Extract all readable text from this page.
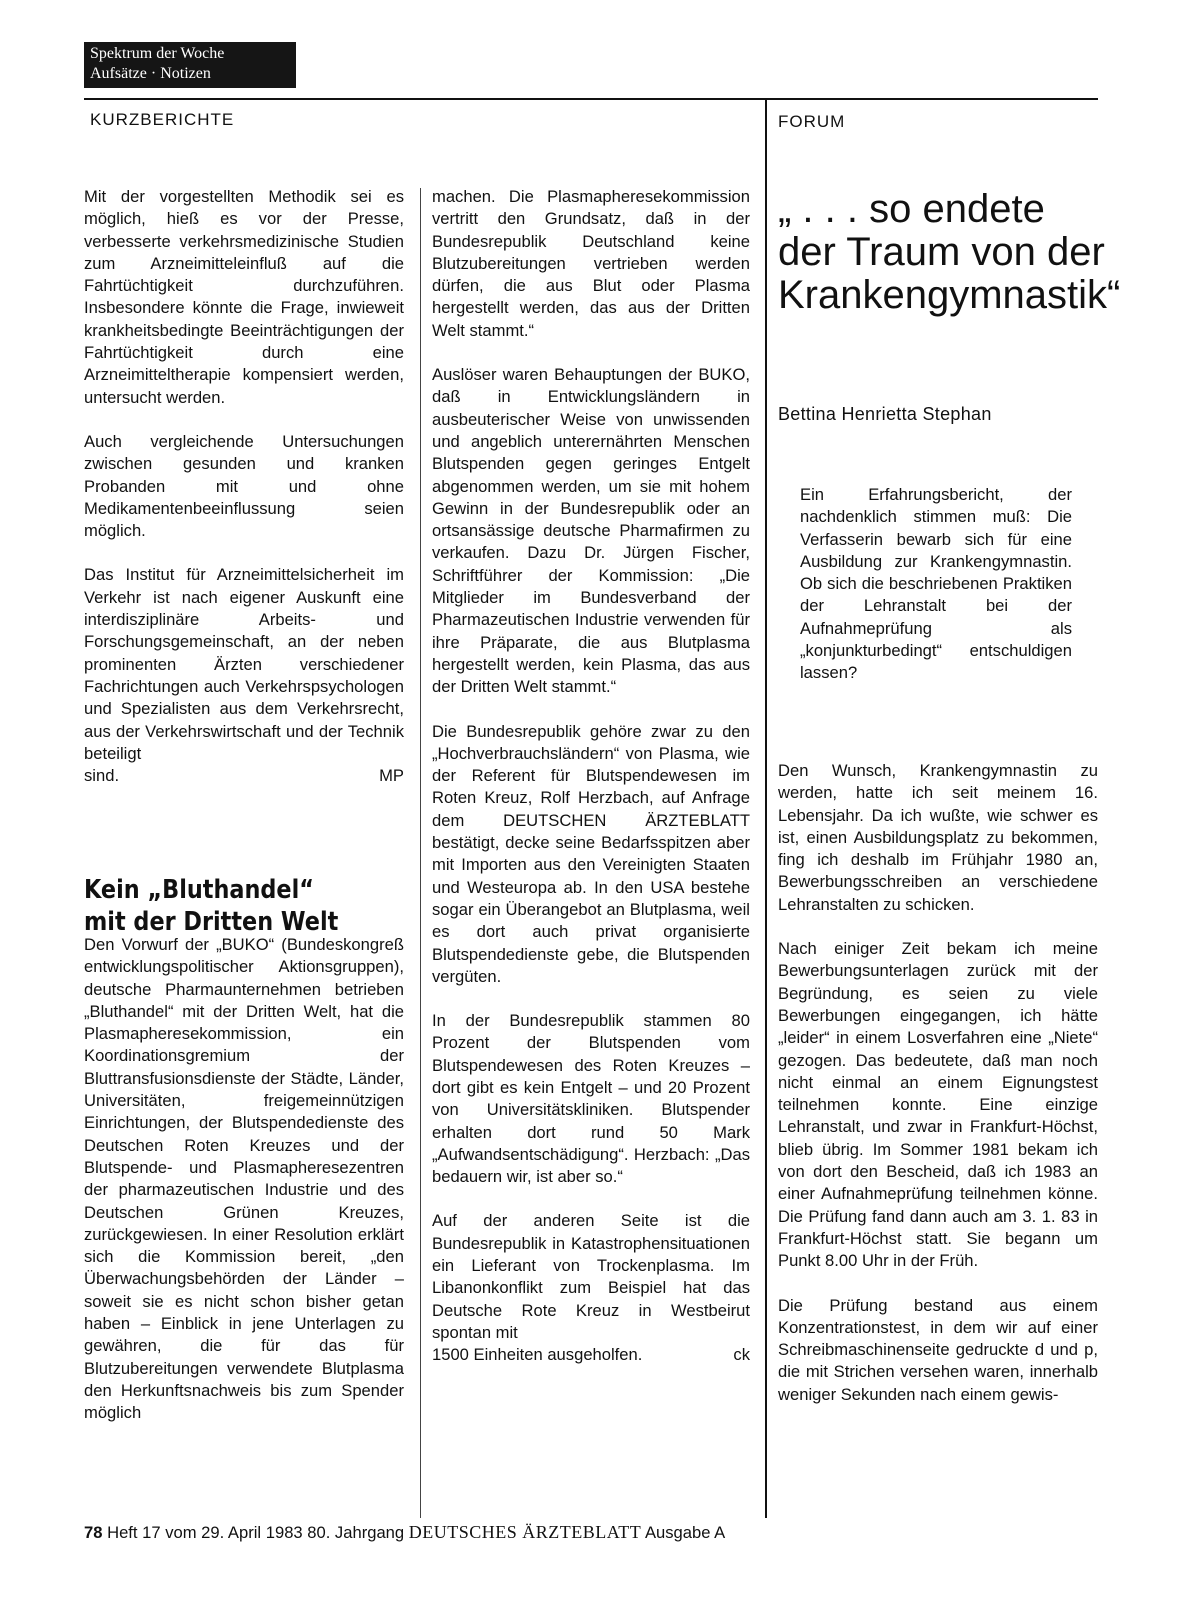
Spektrum der Woche
Aufsätze · Notizen
KURZBERICHTE	FORUM

Mit der vorgestellten Methodik sei es möglich, hieß es vor der Presse, verbesserte verkehrsmedizinische Studien zum Arzneimitteleinfluß auf die Fahrtüchtigkeit durchzuführen. Insbesondere könnte die Frage, inwieweit krankheitsbedingte Beeinträchtigungen der Fahrtüchtigkeit durch eine Arzneimitteltherapie kompensiert werden, untersucht werden.

Auch vergleichende Untersuchungen zwischen gesunden und kranken Probanden mit und ohne Medikamentenbeeinflussung seien möglich.

Das Institut für Arzneimittelsicherheit im Verkehr ist nach eigener Auskunft eine interdisziplinäre Arbeits- und Forschungsgemeinschaft, an der neben prominenten Ärzten verschiedener Fachrichtungen auch Verkehrspsychologen und Spezialisten aus dem Verkehrsrecht, aus der Verkehrswirtschaft und der Technik beteiligt

sind.	MP
Kein „Bluthandel“
mit der Dritten Welt

Den Vorwurf der „BUKO“ (Bundeskongreß entwicklungspolitischer Aktionsgruppen), deutsche Pharmaunternehmen betrieben „Bluthandel“ mit der Dritten Welt, hat die Plasmapheresekommission, ein Koordinationsgremium der Bluttransfusionsdienste der Städte, Länder, Universitäten, freigemeinnützigen Einrichtungen, der Blutspendedienste des Deutschen Roten Kreuzes und der Blutspende- und Plasmapheresezentren der pharmazeutischen Industrie und des Deutschen Grünen Kreuzes, zurückgewiesen. In einer Resolution erklärt sich die Kommission bereit, „den Überwachungsbehörden der Länder – soweit sie es nicht schon bisher getan haben – Einblick in jene Unterlagen zu gewähren, die für das für Blutzubereitungen verwendete Blutplasma den Herkunftsnachweis bis zum Spender möglich

machen. Die Plasmapheresekommission vertritt den Grundsatz, daß in der Bundesrepublik Deutschland keine Blutzubereitungen vertrieben werden dürfen, die aus Blut oder Plasma hergestellt werden, das aus der Dritten Welt stammt.“

Auslöser waren Behauptungen der BUKO, daß in Entwicklungsländern in ausbeuterischer Weise von unwissenden und angeblich unterernährten Menschen Blutspenden gegen geringes Entgelt abgenommen werden, um sie mit hohem Gewinn in der Bundesrepublik oder an ortsansässige deutsche Pharmafirmen zu verkaufen. Dazu Dr. Jürgen Fischer, Schriftführer der Kommission: „Die Mitglieder im Bundesverband der Pharmazeutischen Industrie verwenden für ihre Präparate, die aus Blutplasma hergestellt werden, kein Plasma, das aus der Dritten Welt stammt.“

Die Bundesrepublik gehöre zwar zu den „Hochverbrauchsländern“ von Plasma, wie der Referent für Blutspendewesen im Roten Kreuz, Rolf Herzbach, auf Anfrage dem DEUTSCHEN ÄRZTEBLATT bestätigt, decke seine Bedarfsspitzen aber mit Importen aus den Vereinigten Staaten und Westeuropa ab. In den USA bestehe sogar ein Überangebot an Blutplasma, weil es dort auch privat organisierte Blutspendedienste gebe, die Blutspenden vergüten.

In der Bundesrepublik stammen 80 Prozent der Blutspenden vom Blutspendewesen des Roten Kreuzes – dort gibt es kein Entgelt – und 20 Prozent von Universitätskliniken. Blutspender erhalten dort rund 50 Mark „Aufwandsentschädigung“. Herzbach: „Das bedauern wir, ist aber so.“

Auf der anderen Seite ist die Bundesrepublik in Katastrophensituationen ein Lieferant von Trockenplasma. Im Libanonkonflikt zum Beispiel hat das Deutsche Rote Kreuz in Westbeirut spontan mit

1500 Einheiten ausgeholfen.	ck
„ . . . so endete der Traum von der Krankengymnastik“
Bettina Henrietta Stephan
Ein Erfahrungsbericht, der nachdenklich stimmen muß: Die Verfasserin bewarb sich für eine Ausbildung zur Krankengymnastin. Ob sich die beschriebenen Praktiken der Lehranstalt bei der Aufnahmeprüfung als „konjunkturbedingt“ entschuldigen lassen?

Den Wunsch, Krankengymnastin zu werden, hatte ich seit meinem 16. Lebensjahr. Da ich wußte, wie schwer es ist, einen Ausbildungsplatz zu bekommen, fing ich deshalb im Frühjahr 1980 an, Bewerbungsschreiben an verschiedene Lehranstalten zu schicken.

Nach einiger Zeit bekam ich meine Bewerbungsunterlagen zurück mit der Begründung, es seien zu viele Bewerbungen eingegangen, ich hätte „leider“ in einem Losverfahren eine „Niete“ gezogen. Das bedeutete, daß man noch nicht einmal an einem Eignungstest teilnehmen konnte. Eine einzige Lehranstalt, und zwar in Frankfurt-Höchst, blieb übrig. Im Sommer 1981 bekam ich von dort den Bescheid, daß ich 1983 an einer Aufnahmeprüfung teilnehmen könne. Die Prüfung fand dann auch am 3. 1. 83 in Frankfurt-Höchst statt. Sie begann um Punkt 8.00 Uhr in der Früh.

Die Prüfung bestand aus einem Konzentrationstest, in dem wir auf einer Schreibmaschinenseite gedruckte d und p, die mit Strichen versehen waren, innerhalb weniger Sekunden nach einem gewis-

78 Heft 17 vom 29. April 1983 80. Jahrgang DEUTSCHES ÄRZTEBLATT Ausgabe A
